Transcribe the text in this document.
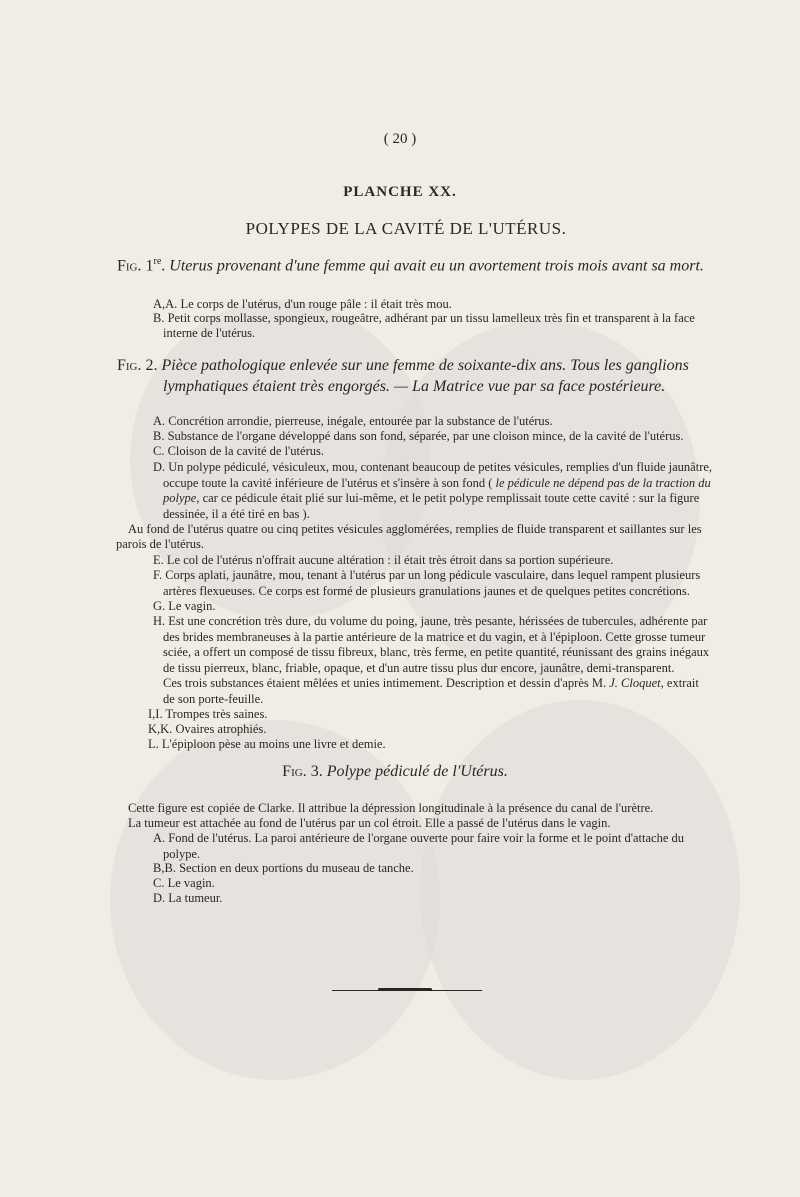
( 20 )
PLANCHE XX.
POLYPES DE LA CAVITÉ DE L'UTÉRUS.
Fig. 1re. Uterus provenant d'une femme qui avait eu un avortement trois mois avant sa mort.
A,A. Le corps de l'utérus, d'un rouge pâle : il était très mou.
B. Petit corps mollasse, spongieux, rougeâtre, adhérant par un tissu lamelleux très fin et transparent à la face
interne de l'utérus.
Fig. 2. Pièce pathologique enlevée sur une femme de soixante-dix ans. Tous les ganglions
lymphatiques étaient très engorgés. — La Matrice vue par sa face postérieure.
A. Concrétion arrondie, pierreuse, inégale, entourée par la substance de l'utérus.
B. Substance de l'organe développé dans son fond, séparée, par une cloison mince, de la cavité de l'utérus.
C. Cloison de la cavité de l'utérus.
D. Un polype pédiculé, vésiculeux, mou, contenant beaucoup de petites vésicules, remplies d'un fluide jaunâtre,
occupe toute la cavité inférieure de l'utérus et s'insère à son fond ( le pédicule ne dépend pas de la traction du
polype, car ce pédicule était plié sur lui-même, et le petit polype remplissait toute cette cavité : sur la figure
dessinée, il a été tiré en bas ).
Au fond de l'utérus quatre ou cinq petites vésicules agglomérées, remplies de fluide transparent et saillantes sur les
parois de l'utérus.
E. Le col de l'utérus n'offrait aucune altération : il était très étroit dans sa portion supérieure.
F. Corps aplati, jaunâtre, mou, tenant à l'utérus par un long pédicule vasculaire, dans lequel rampent plusieurs
artères flexueuses. Ce corps est formé de plusieurs granulations jaunes et de quelques petites concrétions.
G. Le vagin.
H. Est une concrétion très dure, du volume du poing, jaune, très pesante, hérissées de tubercules, adhérente par
des brides membraneuses à la partie antérieure de la matrice et du vagin, et à l'épiploon. Cette grosse tumeur
sciée, a offert un composé de tissu fibreux, blanc, très ferme, en petite quantité, réunissant des grains inégaux
de tissu pierreux, blanc, friable, opaque, et d'un autre tissu plus dur encore, jaunâtre, demi-transparent.
Ces trois substances étaient mêlées et unies intimement. Description et dessin d'après M. J. Cloquet, extrait
de son porte-feuille.
I,I. Trompes très saines.
K,K. Ovaires atrophiés.
L. L'épiploon pèse au moins une livre et demie.
Fig. 3. Polype pédiculé de l'Utérus.
Cette figure est copiée de Clarke. Il attribue la dépression longitudinale à la présence du canal de l'urètre.
La tumeur est attachée au fond de l'utérus par un col étroit. Elle a passé de l'utérus dans le vagin.
A. Fond de l'utérus. La paroi antérieure de l'organe ouverte pour faire voir la forme et le point d'attache du
polype.
B,B. Section en deux portions du museau de tanche.
C. Le vagin.
D. La tumeur.
